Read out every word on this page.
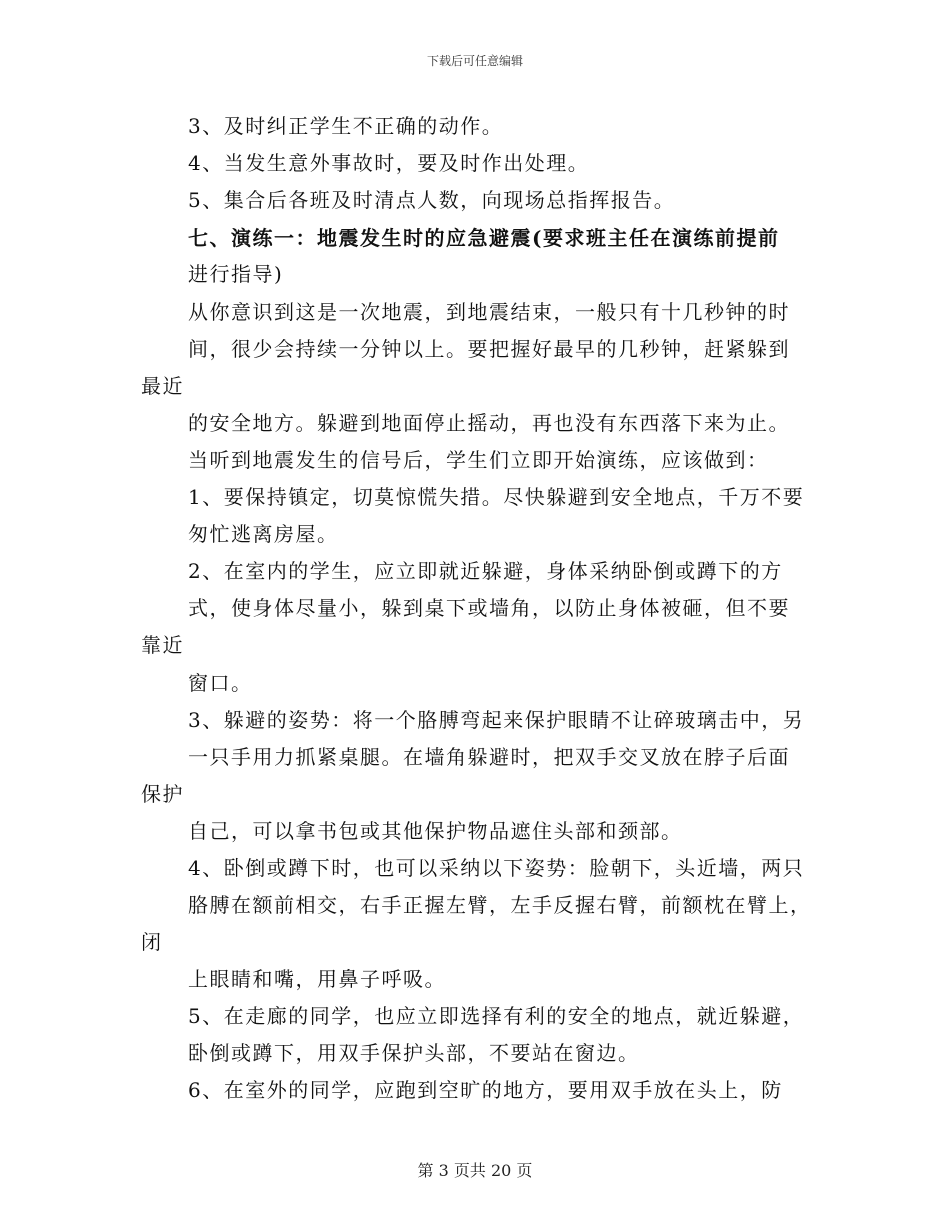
下载后可任意编辑
3、及时纠正学生不正确的动作。
4、当发生意外事故时，要及时作出处理。
5、集合后各班及时清点人数，向现场总指挥报告。
七、演练一：地震发生时的应急避震(要求班主任在演练前提前
进行指导)
从你意识到这是一次地震，到地震结束，一般只有十几秒钟的时
间，很少会持续一分钟以上。要把握好最早的几秒钟，赶紧躲到
最近
的安全地方。躲避到地面停止摇动，再也没有东西落下来为止。
当听到地震发生的信号后，学生们立即开始演练，应该做到：
1、要保持镇定，切莫惊慌失措。尽快躲避到安全地点，千万不要
匆忙逃离房屋。
2、在室内的学生，应立即就近躲避，身体采纳卧倒或蹲下的方
式，使身体尽量小，躲到桌下或墙角，以防止身体被砸，但不要
靠近
窗口。
3、躲避的姿势：将一个胳膊弯起来保护眼睛不让碎玻璃击中，另
一只手用力抓紧桌腿。在墙角躲避时，把双手交叉放在脖子后面
保护
自己，可以拿书包或其他保护物品遮住头部和颈部。
4、卧倒或蹲下时，也可以采纳以下姿势：脸朝下，头近墙，两只
胳膊在额前相交，右手正握左臂，左手反握右臂，前额枕在臂上，
闭
上眼睛和嘴，用鼻子呼吸。
5、在走廊的同学，也应立即选择有利的安全的地点，就近躲避，
卧倒或蹲下，用双手保护头部，不要站在窗边。
6、在室外的同学，应跑到空旷的地方，要用双手放在头上，防
第 3 页共 20 页
